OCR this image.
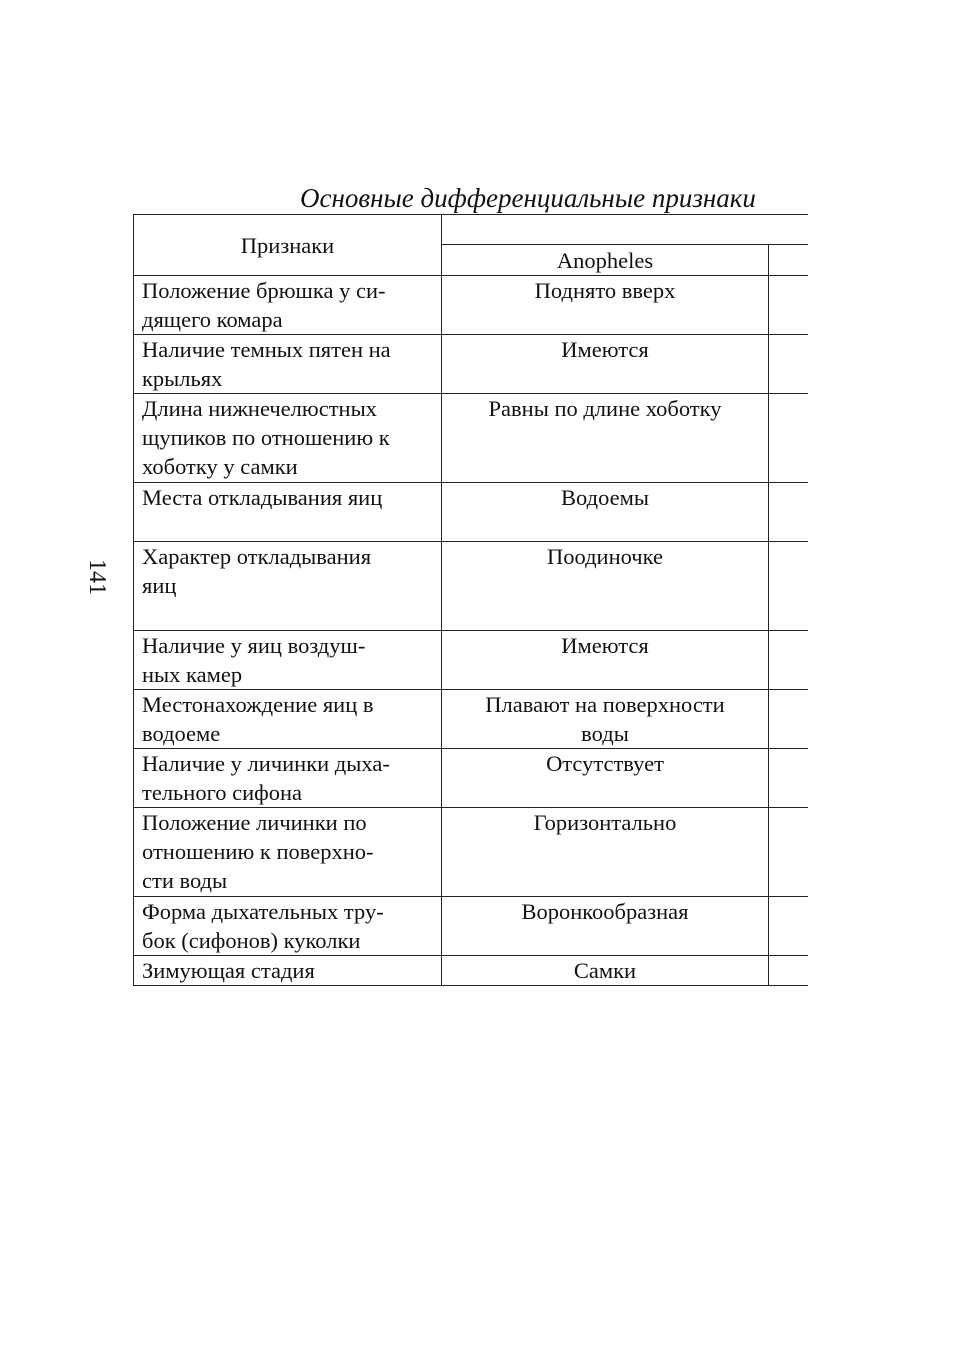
141
Основные дифференциальные признаки
Признаки		
	Anopheles	
Положение брюшка у си-
дящего комара	Поднято вверх	
Наличие темных пятен на
крыльях	Имеются	
Длина нижнечелюстных
щупиков по отношению к
хоботку у самки	Равны по длине хоботку	
Места откладывания яиц	Водоемы	
Характер откладывания
яиц	Поодиночке	
Наличие у яиц воздуш-
ных камер	Имеются	
Местонахождение яиц в
водоеме	Плавают на поверхности
воды	
Наличие у личинки дыха-
тельного сифона	Отсутствует	
Положение личинки по
отношению к поверхно-
сти воды	Горизонтально	
Форма дыхательных тру-
бок (сифонов) куколки	Воронкообразная	
Зимующая стадия	Самки	
